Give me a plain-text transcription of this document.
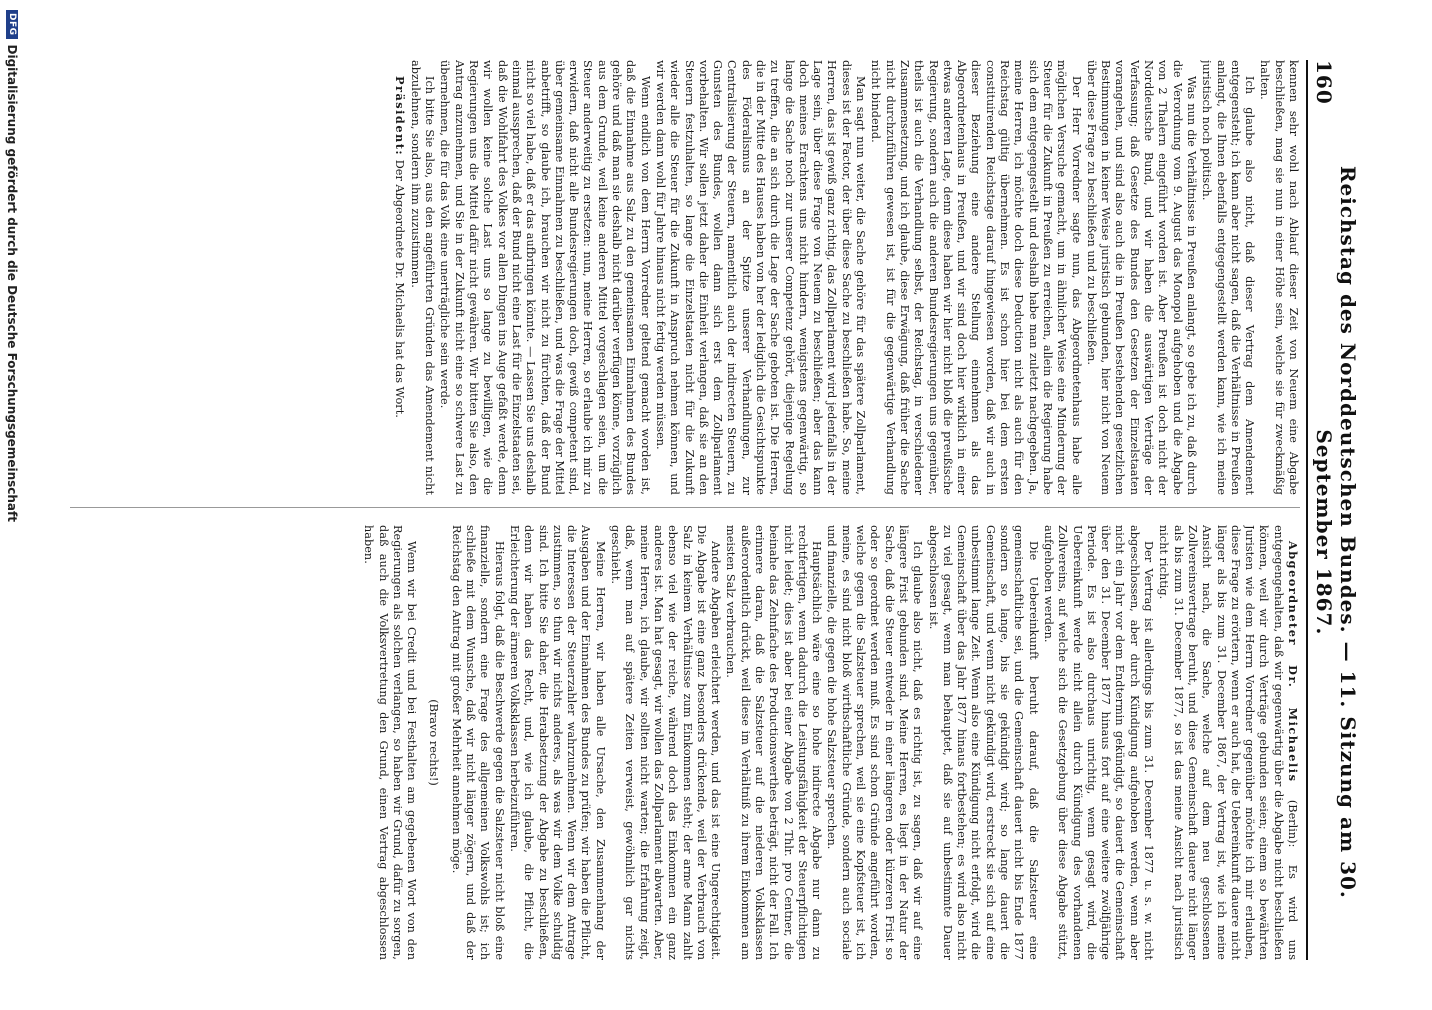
160
Reichstag des Norddeutschen Bundes. — 11. Sitzung am 30. September 1867.

kennen sehr wohl nach Ablauf dieser Zeit von Neuem eine Abgabe beschließen, mag sie nun in einer Höhe sein, welche sie für zweckmäßig halten.

Ich glaube also nicht, daß dieser Vertrag dem Amendement entgegensteht; ich kann aber nicht sagen, daß die Verhältnisse in Preußen anlangt, die Ihnen ebenfalls entgegengestellt werden kann, wie ich meine juristisch noch politisch.

Was nun die Verhältnisse in Preußen anlangt, so gebe ich zu, daß durch die Verordnung vom 9. August das Monopol aufgehoben und die Abgabe von 2 Thalern eingeführt worden ist. Aber Preußen ist doch nicht der Norddeutsche Bund, und wir haben die auswärtigen Verträge der Verfassung; daß Gesetze des Bundes den Gesetzen der Einzelstaaten vorangehen, und sind also auch die in Preußen bestehenden gesetzlichen Bestimmungen in keiner Weise juristisch gebunden, hier nicht von Neuem über diese Frage zu beschließen und zu beschließen.

Der Herr Vorredner sagte nun, das Abgeordnetenhaus habe alle möglichen Versuche gemacht, um in ähnlicher Weise eine Minderung der Steuer für die Zukunft in Preußen zu erreichen, allein die Regierung habe sich dem entgegengestellt und deshalb habe man zuletzt nachgegeben. Ja, meine Herren, ich möchte doch diese Deduction nicht als auch für den Reichstag gültig übernehmen. Es ist schon hier bei dem ersten constituirenden Reichstage darauf hingewiesen worden, daß wir auch in dieser Beziehung eine andere Stellung einnehmen als das Abgeordnetenhaus in Preußen, und wir sind doch hier wirklich in einer etwas anderen Lage, denn diese haben wir hier nicht bloß die preußische Regierung, sondern auch die anderen Bundesregierungen uns gegenüber, theils ist auch die Verhandlung selbst, der Reichstag, in verschiedener Zusammensetzung, und ich glaube, diese Erwägung, daß früher die Sache nicht durchzuführen gewesen ist, ist für die gegenwärtige Verhandlung nicht bindend.

Man sagt nun weiter, die Sache gehöre für das spätere Zollparlament, dieses ist der Factor, der über diese Sache zu beschließen habe. So, meine Herren, das ist gewiß ganz richtig, das Zollparlament wird jedenfalls in der Lage sein, über diese Frage von Neuem zu beschließen; aber das kann doch meines Erachtens uns nicht hindern, wenigstens gegenwärtig, so lange die Sache noch zur unserer Competenz gehört, diejenige Regelung zu treffen, die an sich durch die Lage der Sache geboten ist. Die Herren, die in der Mitte des Hauses haben von her der lediglich die Gesichtspunkte des Föderalismus an der Spitze unserer Verhandlungen, zur Centralisierung der Steuern, namentlich auch der indirecten Steuern, zu Gunsten des Bundes, wollen dann sich erst dem Zollparlament vorbehalten. Wir sollen jetzt daher die Einheit verlangen, daß sie an den Steuern festzuhalten, so lange die Einzelstaaten nicht für die Zukunft wieder alle die Steuer für die Zukunft in Anspruch nehmen können, und wir werden dann wohl für Jahre hinaus nicht fertig werden müssen.

Wenn endlich von dem Herrn Vorredner geltend gemacht worden ist, daß die Einnahme aus Salz zu den gemeinsamen Einnahmen des Bundes gehöre und daß man sie deshalb nicht darüber verfügen könne, vorzüglich aus dem Grunde, weil keine anderen Mittel vorgeschlagen seien, um die Steuer anderweitig zu ersetzen: nun, meine Herren, so erlaube ich mir zu erwidern, daß nicht alle Bundesregierungen doch, gewiß competent sind, über gemeinsame Einnahmen zu beschließen, und was die Frage der Mittel anbetrifft, so glaube ich, brauchen wir nicht zu fürchten, daß der Bund nicht so viel habe, daß er das aufbringen könnte. — Lassen Sie uns deshalb einmal aussprechen, daß der Bund nicht eine Last für die Einzelstaaten sei, daß die Wohlfahrt des Volkes vor allen Dingen ins Auge gefaßt werde, denn wir wollen keine solche Last uns so lange zu bewilligen, wie die Regierungen uns die Mittel dafür nicht gewähren. Wir bitten Sie also, den Antrag anzunehmen, und Sie in der Zukunft nicht eine so schwere Last zu übernehmen, die für das Volk eine unerträgliche sein werde.

Ich bitte Sie also, aus den angeführten Gründen das Amendement nicht abzulehnen, sondern ihm zuzustimmen.

Präsident: Der Abgeordnete Dr. Michaelis hat das Wort.

Abgeordneter Dr. Michaelis (Berlin): Es wird uns entgegengehalten, daß wir gegenwärtig über die Abgabe nicht beschließen können, weil wir durch Verträge gebunden seien; einem so bewährten Juristen wie dem Herrn Vorredner gegenüber möchte ich mir erlauben, diese Frage zu erörtern, wenn er auch hat, die Uebereinkunft dauere nicht länger als bis zum 31. December 1867, der Vertrag ist, wie ich meine Ansicht nach, die Sache, welche auf dem neu geschlossenen Zollvereinsvertrage beruht, und diese Gemeinschaft dauere nicht länger als bis zum 31. December 1877, so ist das meine Ansicht nach juristisch nicht richtig.

Der Vertrag ist allerdings bis zum 31. December 1877 u. s. w. nicht abgeschlossen, aber durch Kündigung aufgehoben werden, wenn aber nicht ein Jahr vor dem Endtermin gekündigt, so dauert die Gemeinschaft über den 31. December 1877 hinaus fort auf eine weitere zwölfjährige Periode. Es ist also durchaus unrichtig, wenn gesagt wird, die Uebereinkunft werde nicht allein durch Kündigung des vorhandenen Zollvereins, auf welche sich die Gesetzgebung über diese Abgabe stützt, aufgehoben werden.

Die Uebereinkunft beruht darauf, daß die Salzsteuer eine gemeinschaftliche sei, und die Gemeinschaft dauert nicht bis Ende 1877 sondern so lange, bis sie gekündigt wird; so lange dauert die Gemeinschaft, und wenn nicht gekündigt wird, erstreckt sie sich auf eine unbestimmt lange Zeit. Wenn also eine Kündigung nicht erfolgt, wird die Gemeinschaft über das Jahr 1877 hinaus fortbestehen; es wird also nicht zu viel gesagt, wenn man behauptet, daß sie auf unbestimmte Dauer abgeschlossen ist.

Ich glaube also nicht, daß es richtig ist, zu sagen, daß wir auf eine längere Frist gebunden sind. Meine Herren, es liegt in der Natur der Sache, daß die Steuer entweder in einer längeren oder kürzeren Frist so oder so geordnet werden muß. Es sind schon Gründe angeführt worden, welche gegen die Salzsteuer sprechen, weil sie eine Kopfsteuer ist, ich meine, es sind nicht bloß wirthschaftliche Gründe, sondern auch sociale und finanzielle, die gegen die hohe Salzsteuer sprechen.

Hauptsächlich wäre eine so hohe indirecte Abgabe nur dann zu rechtfertigen, wenn dadurch die Leistungsfähigkeit der Steuerpflichtigen nicht leidet; dies ist aber bei einer Abgabe von 2 Thlr. pro Centner, die beinahe das Zehnfache des Productionswerthes beträgt, nicht der Fall. Ich erinnere daran, daß die Salzsteuer auf die niederen Volksklassen außerordentlich drückt, weil diese im Verhältniß zu ihrem Einkommen am meisten Salz verbrauchen.

Andere Abgaben erleichtert werden, und das ist eine Ungerechtigkeit. Die Abgabe ist eine ganz besonders drückende, weil der Verbrauch von Salz in keinem Verhältnisse zum Einkommen steht; der arme Mann zahlt ebenso viel wie der reiche, während doch das Einkommen ein ganz anderes ist. Man hat gesagt, wir wollen das Zollparlament abwarten. Aber, meine Herren, ich glaube, wir sollten nicht warten; die Erfahrung zeigt, daß, wenn man auf spätere Zeiten verweist, gewöhnlich gar nichts geschieht.

Meine Herren, wir haben alle Ursache, den Zusammenhang der Ausgaben und der Einnahmen des Bundes zu prüfen; wir haben die Pflicht, die Interessen der Steuerzahler wahrzunehmen. Wenn wir dem Antrage zustimmen, so thun wir nichts anderes, als was wir dem Volke schuldig sind. Ich bitte Sie daher, die Herabsetzung der Abgabe zu beschließen, denn wir haben das Recht, und, wie ich glaube, die Pflicht, die Erleichterung der ärmeren Volksklassen herbeizuführen.

Hieraus folgt, daß die Beschwerde gegen die Salzsteuer nicht bloß eine finanzielle, sondern eine Frage des allgemeinen Volkswohls ist; ich schließe mit dem Wunsche, daß wir nicht länger zögern, und daß der Reichstag den Antrag mit großer Mehrheit annehmen möge.

(Bravo rechts!)

Wenn wir bei Credit und bei Festhalten am gegebenen Wort von den Regierungen als solchen verlangen, so haben wir Grund, dafür zu sorgen, daß auch die Volksvertretung den Grund, einen Vertrag abgeschlossen haben.

DFG
Digitalisierung gefördert durch die Deutsche Forschungsgemeinschaft
